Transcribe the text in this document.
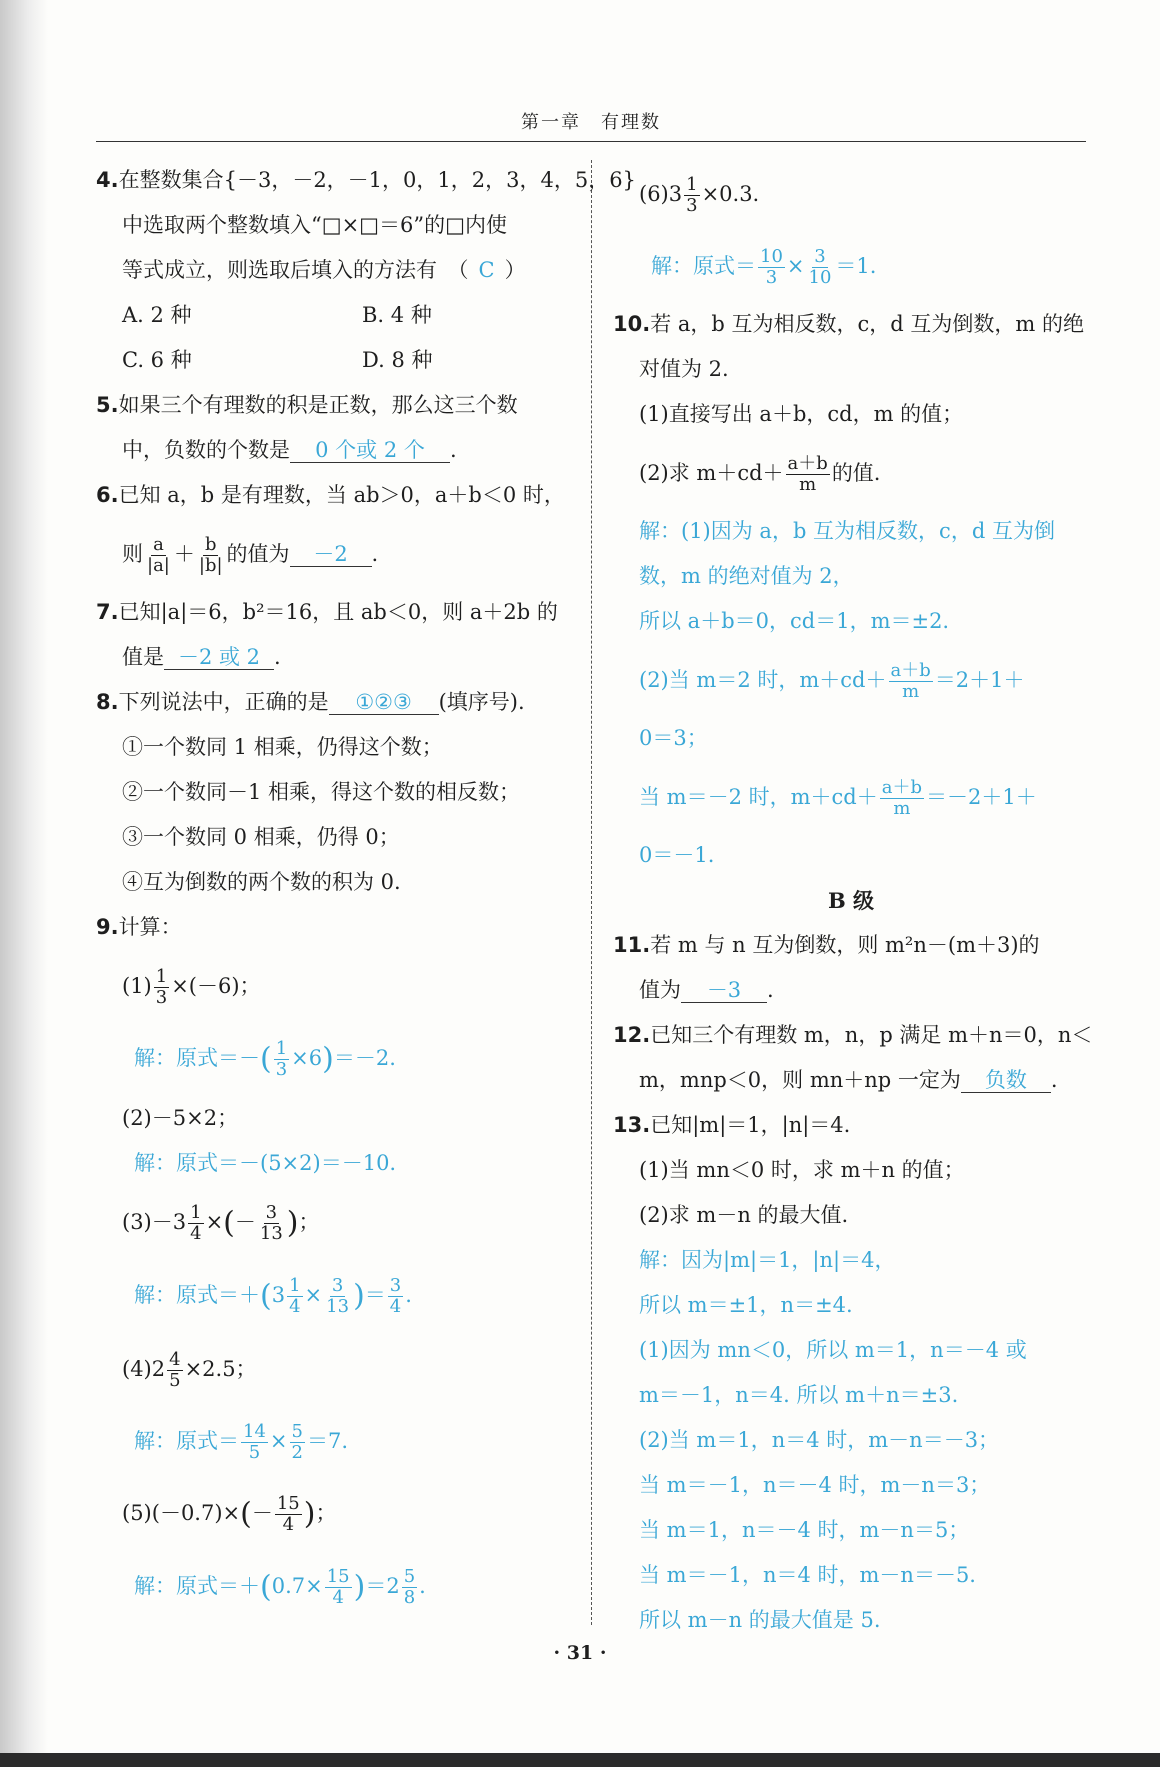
第一章　有理数

4.在整数集合{－3，－2，－1，0，1，2，3，4，5，6}

中选取两个整数填入“□×□＝6”的□内使

等式成立，则选取后填入的方法有　（ C ）

A. 2 种	B. 4 种

C. 6 种	D. 8 种

5.如果三个有理数的积是正数，那么这三个数

中，负数的个数是 0 个或 2 个 .

6.已知 a，b 是有理数，当 ab＞0，a＋b＜0 时，

则 $\frac{a}{|a|} + \frac{b}{|b|}$ 的值为 －2 .

7.已知|a|＝6，b²＝16，且 ab＜0，则 a＋2b 的

值是 －2 或 2 .

8.下列说法中，正确的是 ①②③ (填序号).

①一个数同 1 相乘，仍得这个数；

②一个数同－1 相乘，得这个数的相反数；

③一个数同 0 相乘，仍得 0；

④互为倒数的两个数的积为 0.

9.计算：

$(1) \frac{1}{3} \times(-6)$；

解：原式＝－( $\frac{1}{3} \times 6)=-2$.

(2)－5×2；

解：原式＝－(5×2)＝－10.

$(3)-3 \frac{1}{4}$ ×(－ $\frac{3}{13}$ )；

解：原式$=+(3 \frac{1}{4} \times \frac{3}{13}$ )＝ $\frac{3}{4}$ .

$(4)2 \frac{4}{5} \times 2.5$；

解：原式＝ $\frac{14}{5} \times \frac{5}{2} =7$.

$(5)(-0.7)\times(- \frac{15}{4}$ )；

解：原式$=+(0.7\times \frac{15}{4} )=2 \frac{5}{8}$ .

$(6)3 \frac{1}{3} \times 0.3$.

解：原式＝ $\frac{10}{3} \times \frac{3}{10} =1$.

10.若 a，b 互为相反数，c，d 互为倒数，m 的绝

对值为 2.

(1)直接写出 a＋b，cd，m 的值；

(2)求 $m+cd+ \frac{a+b}{m}$ 的值.

解：(1)因为 a，b 互为相反数，c，d 互为倒

数，m 的绝对值为 2，

所以 a＋b＝0，cd＝1，m＝±2.

(2)当 m＝2 时，$m+cd+ \frac{a+b}{m} =2+1+$

0＝3；

当 m＝－2 时，$m+cd+ \frac{a+b}{m} =-2+1+$

0＝－1.

B 级

11.若 m 与 n 互为倒数，则 m²n－(m＋3)的

值为 －3 .

12.已知三个有理数 m，n，p 满足 m＋n＝0，n＜

m，mnp＜0，则 mn＋np 一定为 负数 .

13.已知|m|＝1，|n|＝4.

(1)当 mn＜0 时，求 m＋n 的值；

(2)求 m－n 的最大值.

解：因为|m|＝1，|n|＝4，

所以 m＝±1，n＝±4.

(1)因为 mn＜0，所以 m＝1，n＝－4 或

m＝－1，n＝4. 所以 m＋n＝±3.

(2)当 m＝1，n＝4 时，m－n＝－3；

当 m＝－1，n＝－4 时，m－n＝3；

当 m＝1，n＝－4 时，m－n＝5；

当 m＝－1，n＝4 时，m－n＝－5.

所以 m－n 的最大值是 5.

· 31 ·
